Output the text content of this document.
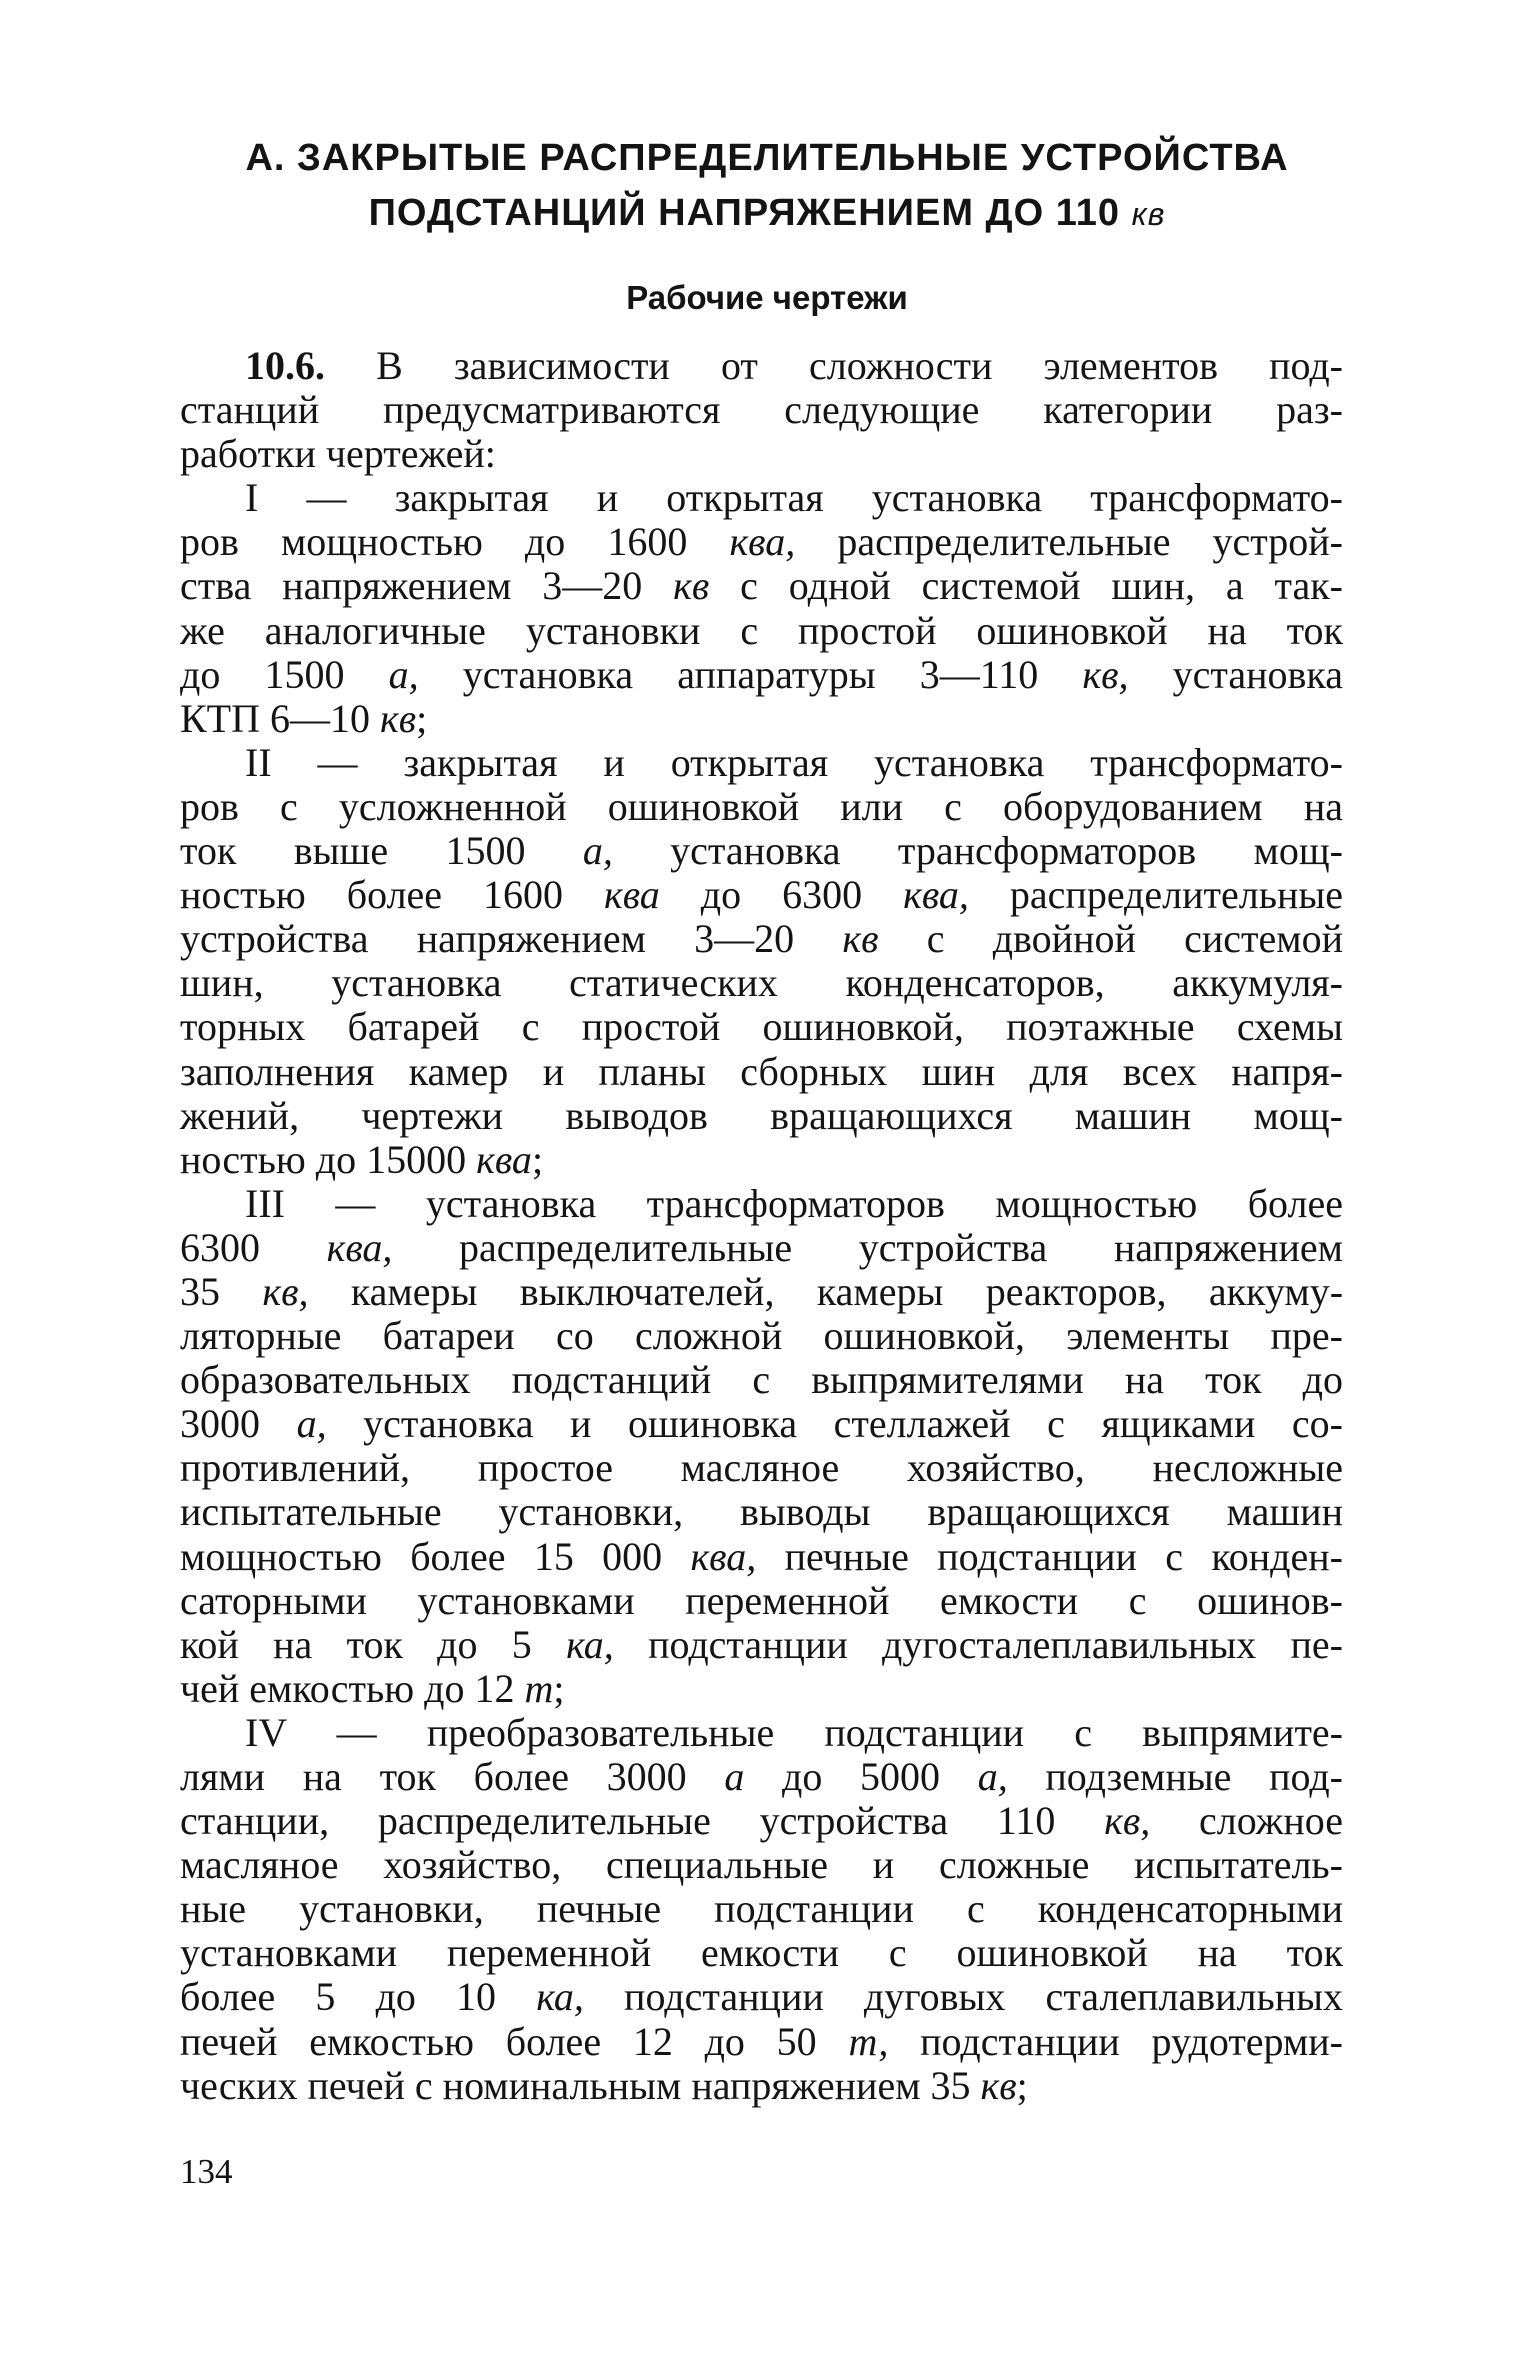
А. ЗАКРЫТЫЕ РАСПРЕДЕЛИТЕЛЬНЫЕ УСТРОЙСТВА
ПОДСТАНЦИЙ НАПРЯЖЕНИЕМ ДО 110 кв
Рабочие чертежи
10.6. В зависимости от сложности элементов под-
станций предусматриваются следующие категории раз-
работки чертежей:
I — закрытая и открытая установка трансформато-
ров мощностью до 1600 ква, распределительные устрой-
ства напряжением 3—20 кв с одной системой шин, а так-
же аналогичные установки с простой ошиновкой на ток
до 1500 а, установка аппаратуры 3—110 кв, установка
КТП 6—10 кв;
II — закрытая и открытая установка трансформато-
ров с усложненной ошиновкой или с оборудованием на
ток выше 1500 а, установка трансформаторов мощ-
ностью более 1600 ква до 6300 ква, распределительные
устройства напряжением 3—20 кв с двойной системой
шин, установка статических конденсаторов, аккумуля-
торных батарей с простой ошиновкой, поэтажные схемы
заполнения камер и планы сборных шин для всех напря-
жений, чертежи выводов вращающихся машин мощ-
ностью до 15000 ква;
III — установка трансформаторов мощностью более
6300 ква, распределительные устройства напряжением
35 кв, камеры выключателей, камеры реакторов, аккуму-
ляторные батареи со сложной ошиновкой, элементы пре-
образовательных подстанций с выпрямителями на ток до
3000 а, установка и ошиновка стеллажей с ящиками со-
противлений, простое масляное хозяйство, несложные
испытательные установки, выводы вращающихся машин
мощностью более 15 000 ква, печные подстанции с конден-
саторными установками переменной емкости с ошинов-
кой на ток до 5 ка, подстанции дугосталеплавильных пе-
чей емкостью до 12 т;
IV — преобразовательные подстанции с выпрямите-
лями на ток более 3000 а до 5000 а, подземные под-
станции, распределительные устройства 110 кв, сложное
масляное хозяйство, специальные и сложные испытатель-
ные установки, печные подстанции с конденсаторными
установками переменной емкости с ошиновкой на ток
более 5 до 10 ка, подстанции дуговых сталеплавильных
печей емкостью более 12 до 50 т, подстанции рудотерми-
ческих печей с номинальным напряжением 35 кв;
134
